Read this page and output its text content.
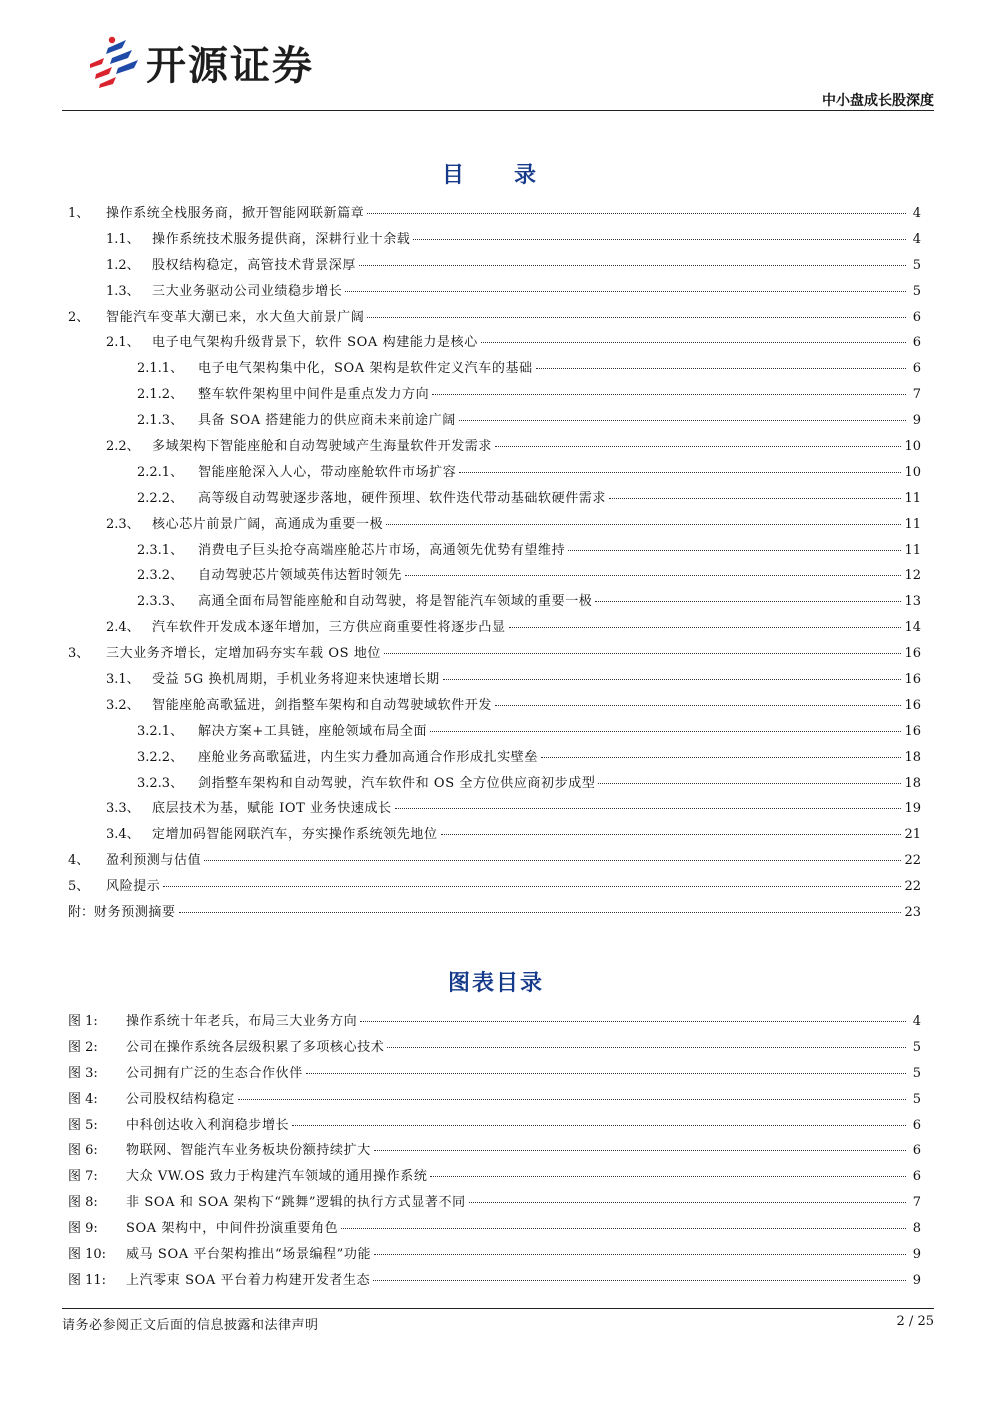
开源证券
中小盘成长股深度
目　录
1、	操作系统全栈服务商，掀开智能网联新篇章	4
1.1、 操作系统技术服务提供商，深耕行业十余载	4
1.2、 股权结构稳定，高管技术背景深厚	5
1.3、 三大业务驱动公司业绩稳步增长	5
2、	智能汽车变革大潮已来，水大鱼大前景广阔	6
2.1、 电子电气架构升级背景下，软件 SOA 构建能力是核心	6
2.1.1、	电子电气架构集中化，SOA 架构是软件定义汽车的基础	6
2.1.2、	整车软件架构里中间件是重点发力方向	7
2.1.3、	具备 SOA 搭建能力的供应商未来前途广阔	9
2.2、 多域架构下智能座舱和自动驾驶域产生海量软件开发需求	10
2.2.1、	智能座舱深入人心，带动座舱软件市场扩容	10
2.2.2、	高等级自动驾驶逐步落地，硬件预埋、软件迭代带动基础软硬件需求	11
2.3、 核心芯片前景广阔，高通成为重要一极	11
2.3.1、	消费电子巨头抢夺高端座舱芯片市场，高通领先优势有望维持	11
2.3.2、	自动驾驶芯片领域英伟达暂时领先	12
2.3.3、	高通全面布局智能座舱和自动驾驶，将是智能汽车领域的重要一极	13
2.4、 汽车软件开发成本逐年增加，三方供应商重要性将逐步凸显	14
3、	三大业务齐增长，定增加码夯实车载 OS 地位	16
3.1、 受益 5G 换机周期，手机业务将迎来快速增长期	16
3.2、 智能座舱高歌猛进，剑指整车架构和自动驾驶域软件开发	16
3.2.1、	解决方案+工具链，座舱领域布局全面	16
3.2.2、	座舱业务高歌猛进，内生实力叠加高通合作形成扎实壁垒	18
3.2.3、	剑指整车架构和自动驾驶，汽车软件和 OS 全方位供应商初步成型	18
3.3、 底层技术为基，赋能 IOT 业务快速成长	19
3.4、 定增加码智能网联汽车，夯实操作系统领先地位	21
4、	盈利预测与估值	22
5、	风险提示	22
附： 财务预测摘要	23
图表目录
图 1:	操作系统十年老兵，布局三大业务方向	4
图 2:	公司在操作系统各层级积累了多项核心技术	5
图 3:	公司拥有广泛的生态合作伙伴	5
图 4:	公司股权结构稳定	5
图 5:	中科创达收入利润稳步增长	6
图 6:	物联网、智能汽车业务板块份额持续扩大	6
图 7:	大众 VW.OS 致力于构建汽车领域的通用操作系统	6
图 8:	非 SOA 和 SOA 架构下“跳舞”逻辑的执行方式显著不同	7
图 9:	SOA 架构中，中间件扮演重要角色	8
图 10:	威马 SOA 平台架构推出“场景编程”功能	9
图 11:	上汽零束 SOA 平台着力构建开发者生态	9
请务必参阅正文后面的信息披露和法律声明	2 / 25
